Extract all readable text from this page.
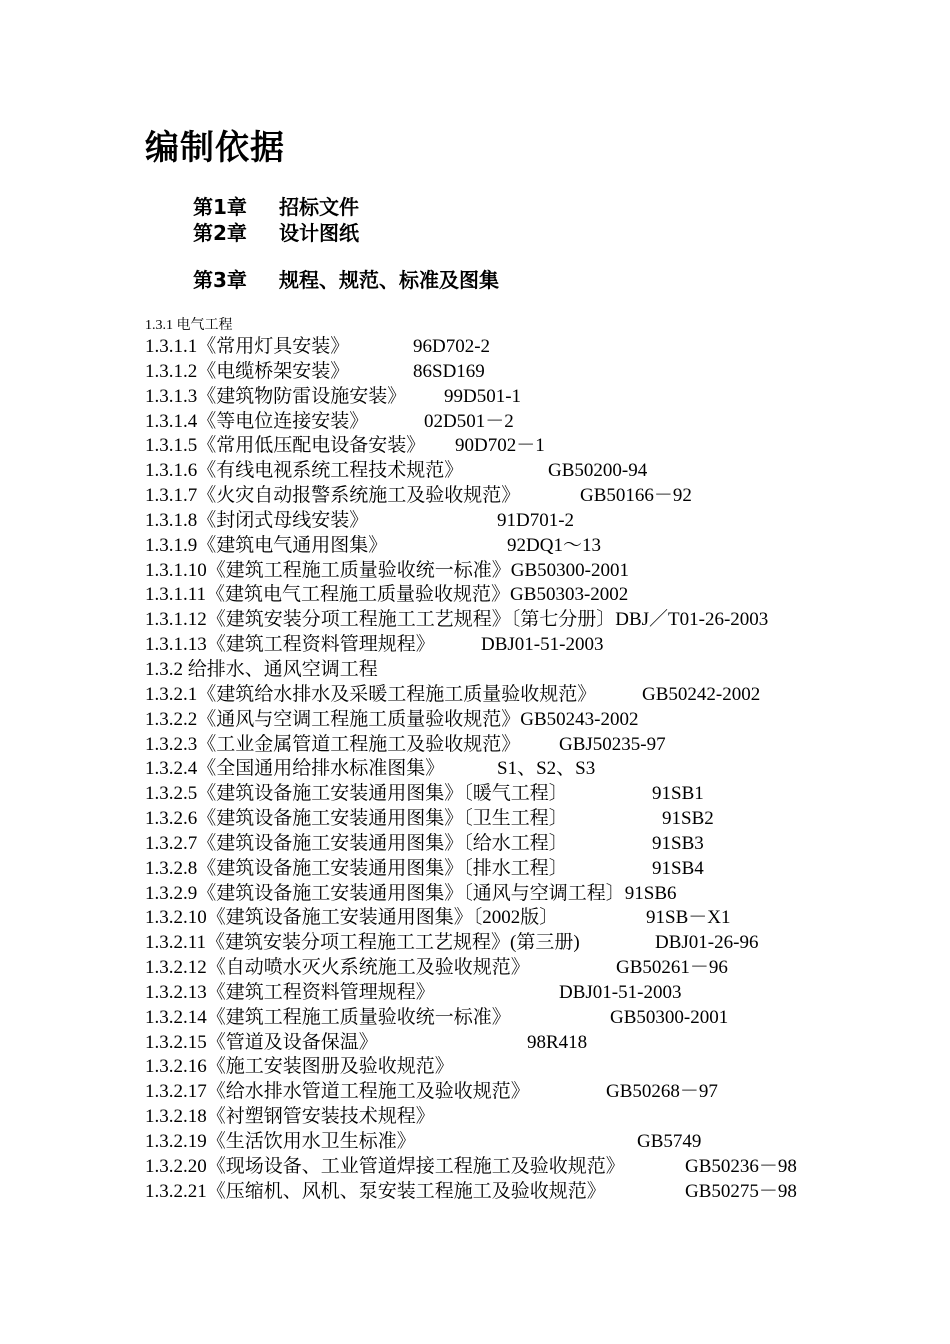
编制依据
第1章 招标文件
第2章 设计图纸
第3章 规程、规范、标准及图集
1.3.1 电气工程
1.3.1.1《常用灯具安装》	96D702-2
1.3.1.2《电缆桥架安装》	86SD169
1.3.1.3《建筑物防雷设施安装》 99D501-1
1.3.1.4《等电位连接安装》	02D501－2
1.3.1.5《常用低压配电设备安装》 90D702－1
1.3.1.6《有线电视系统工程技术规范》	GB50200-94
1.3.1.7《火灾自动报警系统施工及验收规范》	GB50166－92
1.3.1.8《封闭式母线安装》	91D701-2
1.3.1.9《建筑电气通用图集》	92DQ1～13
1.3.1.10《建筑工程施工质量验收统一标准》GB50300-2001
1.3.1.11《建筑电气工程施工质量验收规范》GB50303-2002
1.3.1.12《建筑安装分项工程施工工艺规程》〔第七分册〕DBJ／T01-26-2003
1.3.1.13《建筑工程资料管理规程》 DBJ01-51-2003
1.3.2 给排水、通风空调工程
1.3.2.1《建筑给水排水及采暖工程施工质量验收规范》 GB50242-2002
1.3.2.2《通风与空调工程施工质量验收规范》GB50243-2002
1.3.2.3《工业金属管道工程施工及验收规范》 GBJ50235-97
1.3.2.4《全国通用给排水标准图集》	S1、S2、S3
1.3.2.5《建筑设备施工安装通用图集》〔暖气工程〕	91SB1
1.3.2.6《建筑设备施工安装通用图集》〔卫生工程〕	91SB2
1.3.2.7《建筑设备施工安装通用图集》〔给水工程〕	91SB3
1.3.2.8《建筑设备施工安装通用图集》〔排水工程〕	91SB4
1.3.2.9《建筑设备施工安装通用图集》〔通风与空调工程〕91SB6
1.3.2.10《建筑设备施工安装通用图集》〔2002版〕	91SB－X1
1.3.2.11《建筑安装分项工程施工工艺规程》(第三册)	DBJ01-26-96
1.3.2.12《自动喷水灭火系统施工及验收规范》	GB50261－96
1.3.2.13《建筑工程资料管理规程》	DBJ01-51-2003
1.3.2.14《建筑工程施工质量验收统一标准》	GB50300-2001
1.3.2.15《管道及设备保温》	98R418
1.3.2.16《施工安装图册及验收规范》
1.3.2.17《给水排水管道工程施工及验收规范》	GB50268－97
1.3.2.18《衬塑钢管安装技术规程》
1.3.2.19《生活饮用水卫生标准》	GB5749
1.3.2.20《现场设备、工业管道焊接工程施工及验收规范》	GB50236－98
1.3.2.21《压缩机、风机、泵安装工程施工及验收规范》	GB50275－98
